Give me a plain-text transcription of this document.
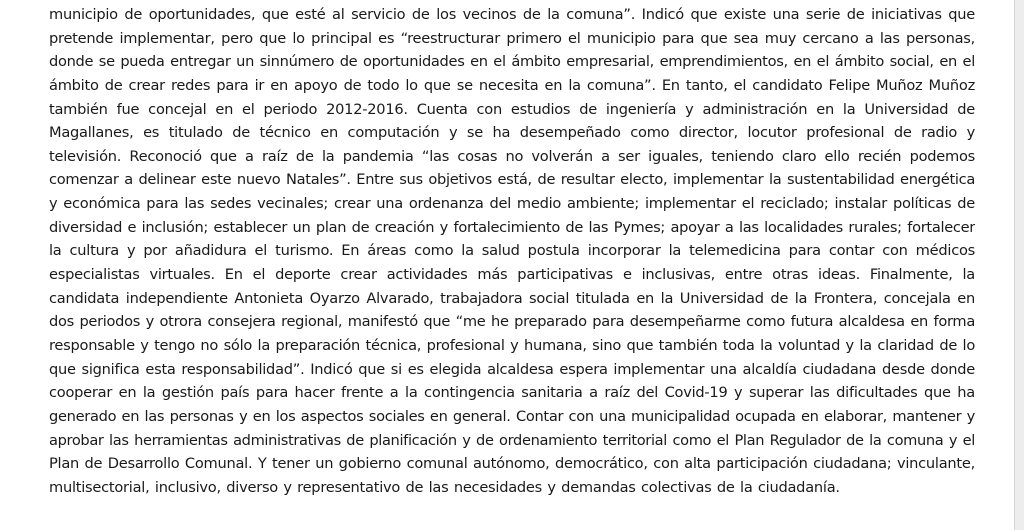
municipio de oportunidades, que esté al servicio de los vecinos de la comuna”. Indicó que existe una serie de iniciativas que
pretende implementar, pero que lo principal es “reestructurar primero el municipio para que sea muy cercano a las personas,
donde se pueda entregar un sinnúmero de oportunidades en el ámbito empresarial, emprendimientos, en el ámbito social, en el
ámbito de crear redes para ir en apoyo de todo lo que se necesita en la comuna”. En tanto, el candidato Felipe Muñoz Muñoz
también fue concejal en el periodo 2012-2016. Cuenta con estudios de ingeniería y administración en la Universidad de
Magallanes, es titulado de técnico en computación y se ha desempeñado como director, locutor profesional de radio y
televisión. Reconoció que a raíz de la pandemia “las cosas no volverán a ser iguales, teniendo claro ello recién podemos
comenzar a delinear este nuevo Natales”. Entre sus objetivos está, de resultar electo, implementar la sustentabilidad energética
y económica para las sedes vecinales; crear una ordenanza del medio ambiente; implementar el reciclado; instalar políticas de
diversidad e inclusión; establecer un plan de creación y fortalecimiento de las Pymes; apoyar a las localidades rurales; fortalecer
la cultura y por añadidura el turismo. En áreas como la salud postula incorporar la telemedicina para contar con médicos
especialistas virtuales. En el deporte crear actividades más participativas e inclusivas, entre otras ideas. Finalmente, la
candidata independiente Antonieta Oyarzo Alvarado, trabajadora social titulada en la Universidad de la Frontera, concejala en
dos periodos y otrora consejera regional, manifestó que “me he preparado para desempeñarme como futura alcaldesa en forma
responsable y tengo no sólo la preparación técnica, profesional y humana, sino que también toda la voluntad y la claridad de lo
que significa esta responsabilidad”. Indicó que si es elegida alcaldesa espera implementar una alcaldía ciudadana desde donde
cooperar en la gestión país para hacer frente a la contingencia sanitaria a raíz del Covid-19 y superar las dificultades que ha
generado en las personas y en los aspectos sociales en general. Contar con una municipalidad ocupada en elaborar, mantener y
aprobar las herramientas administrativas de planificación y de ordenamiento territorial como el Plan Regulador de la comuna y el
Plan de Desarrollo Comunal. Y tener un gobierno comunal autónomo, democrático, con alta participación ciudadana; vinculante,
multisectorial, inclusivo, diverso y representativo de las necesidades y demandas colectivas de la ciudadanía.
